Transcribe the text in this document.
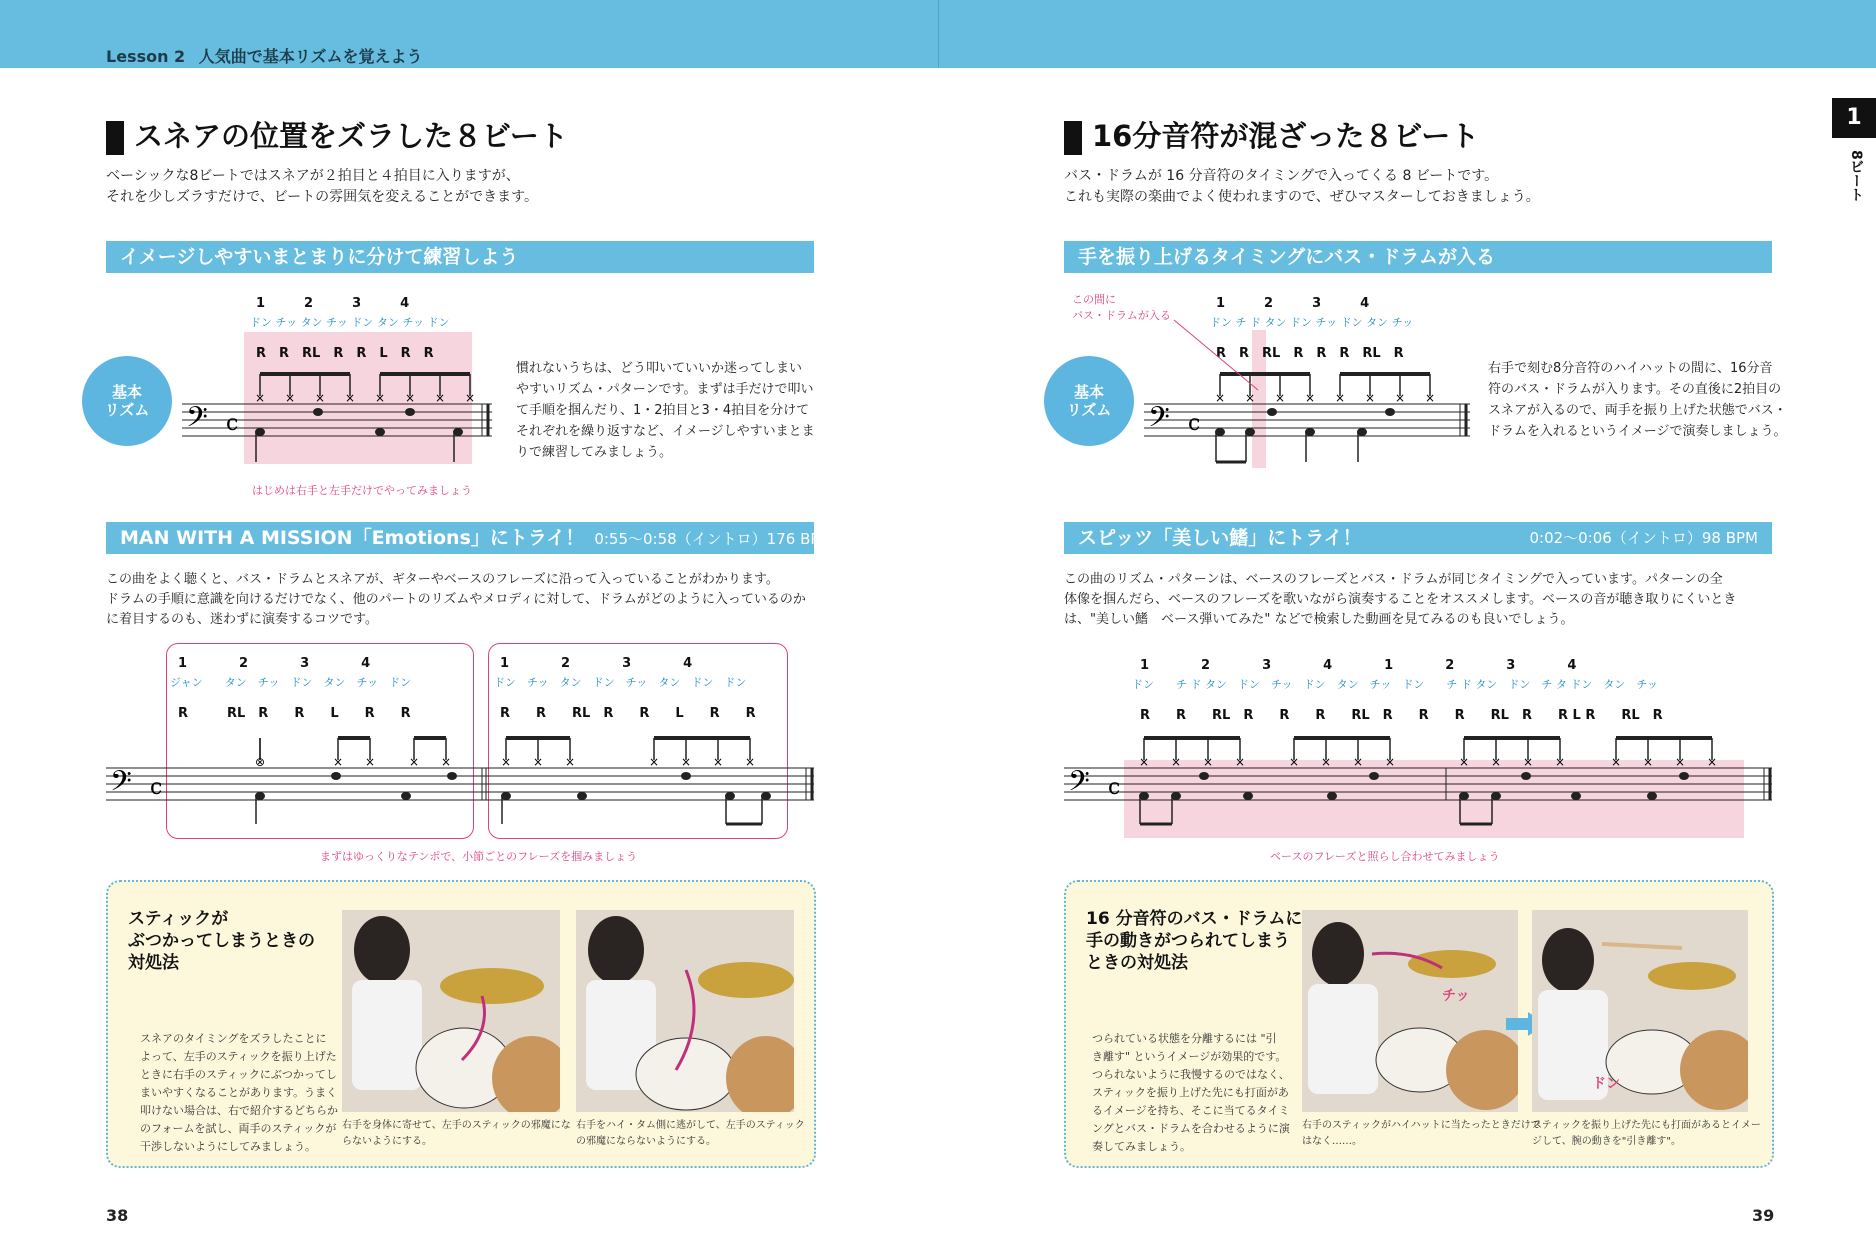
Lesson 2 人気曲で基本リズムを覚えよう
1
8ビート
スネアの位置をズラした８ビート
ベーシックな8ビートではスネアが２拍目と４拍目に入りますが、
それを少しズラすだけで、ビートの雰囲気を変えることができます。
イメージしやすいまとまりに分けて練習しよう
基本
リズム
1　　　2　　　3　　　4
ドン チッ タン チッ ドン タン チッ ドン
R　R　RL　R　R　L　R　R
𝄢 c
× × × × × × × ×
慣れないうちは、どう叩いていいか迷ってしまい
やすいリズム・パターンです。まずは手だけで叩い
て手順を掴んだり、1・2拍目と3・4拍目を分けて
それぞれを繰り返すなど、イメージしやすいまとま
りで練習してみましょう。
はじめは右手と左手だけでやってみましょう
MAN WITH A MISSION「Emotions」にトライ！ 0:55～0:58（イントロ）176 BPM
この曲をよく聴くと、バス・ドラムとスネアが、ギターやベースのフレーズに沿って入っていることがわかります。
ドラムの手順に意識を向けるだけでなく、他のパートのリズムやメロディに対して、ドラムがどのように入っているのか
に着目するのも、迷わずに演奏するコツです。
1　　　　2　　　　3　　　　4
ジャン　　タン　チッ　ドン　タン　チッ　ドン
R　　　RL　R　　R　　L　　R　　R
1　　　　2　　　　3　　　　4
ドン　チッ　タン　ドン　チッ　タン　ドン　ドン
R　　R　　RL　R　　R　　L　　R　　R
𝄢 c
⊗	× ×	× ×	× × ×	× × × ×
まずはゆっくりなテンポで、小節ごとのフレーズを掴みましょう
スティックが
ぶつかってしまうときの
対処法
スネアのタイミングをズラしたことに
よって、左手のスティックを振り上げた
ときに右手のスティックにぶつかってし
まいやすくなることがあります。うまく
叩けない場合は、右で紹介するどちらか
のフォームを試し、両手のスティックが
干渉しないようにしてみましょう。
右手を身体に寄せて、左手のスティックの邪魔にな
らないようにする。
右手をハイ・タム側に逃がして、左手のスティック
の邪魔にならないようにする。
38
16分音符が混ざった８ビート
バス・ドラムが 16 分音符のタイミングで入ってくる 8 ビートです。
これも実際の楽曲でよく使われますので、ぜひマスターしておきましょう。
手を振り上げるタイミングにバス・ドラムが入る
この間に
バス・ドラムが入る
基本
リズム
1　　　2　　　3　　　4
ドン チ ド タン ドン チッ ドン タン チッ
R　R　RL　R　R　R　RL　R
𝄢 c
× × × × × × × ×
右手で刻む8分音符のハイハットの間に、16分音
符のバス・ドラムが入ります。その直後に2拍目の
スネアが入るので、両手を振り上げた状態でバス・
ドラムを入れるというイメージで演奏しましょう。
スピッツ「美しい鰭」にトライ！	0:02～0:06（イントロ）98 BPM
この曲のリズム・パターンは、ベースのフレーズとバス・ドラムが同じタイミングで入っています。パターンの全
体像を掴んだら、ベースのフレーズを歌いながら演奏することをオススメします。ベースの音が聴き取りにくいとき
は、"美しい鰭　ベース弾いてみた" などで検索した動画を見てみるのも良いでしょう。
1　　　　2　　　　3　　　　4　　　　1　　　　2　　　　3　　　　4
ドン　　チ ド タン　ドン　チッ　ドン　タン　チッ　ドン　　チ ド タン　ドン　チ タ ドン　タン　チッ
R　　R　　RL　R　　R　　R　　RL　R　　R　　R　　RL　R　　R L R　　RL　R
𝄢 c
× × × ×	× × × ×	× × × ×	× × × ×
ベースのフレーズと照らし合わせてみましょう
16 分音符のバス・ドラムに
手の動きがつられてしまう
ときの対処法
つられている状態を分離するには "引
き離す" というイメージが効果的です。
つられないように我慢するのではなく、
スティックを振り上げた先にも打面があ
るイメージを持ち、そこに当てるタイミ
ングとバス・ドラムを合わせるように演
奏してみましょう。
チッ
右手のスティックがハイハットに当たったときだけで
はなく……。
ドン
スティックを振り上げた先にも打面があるとイメー
ジして、腕の動きを"引き離す"。
39
